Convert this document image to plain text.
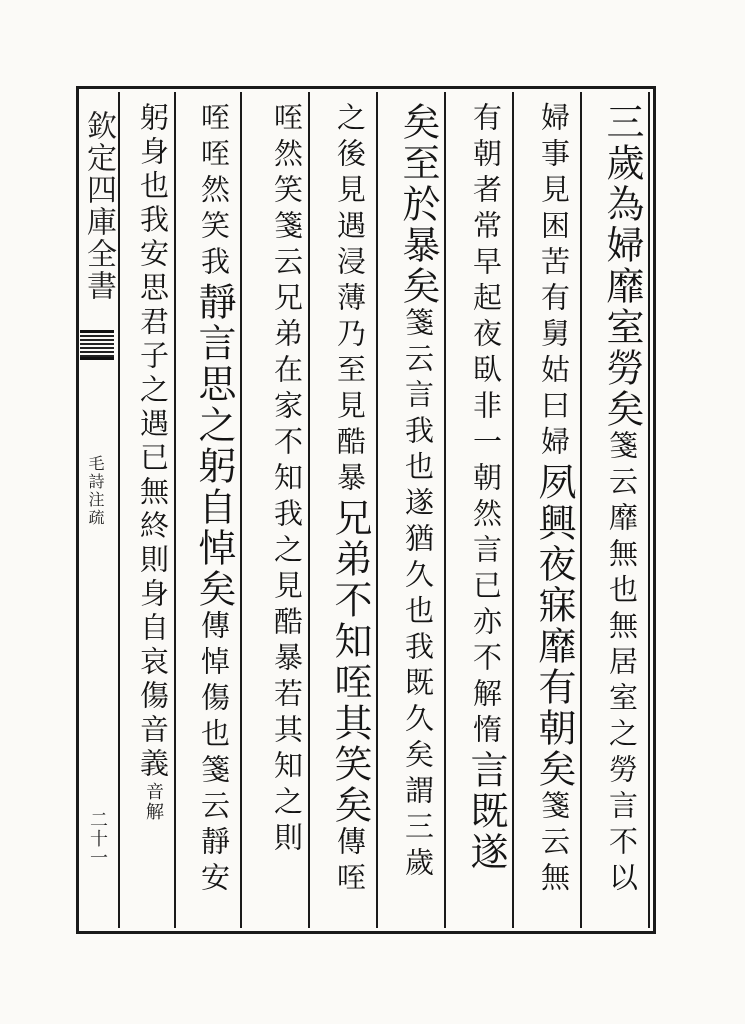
欽定四庫全書
毛詩注疏
二十一
三歲為婦靡室勞矣箋云靡無也無居室之勞言不以
婦事見困苦有舅姑曰婦夙興夜寐靡有朝矣箋云無
有朝者常早起夜臥非一朝然言已亦不解惰言既遂
矣至於暴矣箋云言我也遂猶久也我既久矣謂三歲
之後見遇浸薄乃至見酷暴兄弟不知咥其笑矣傳咥
咥然笑箋云兄弟在家不知我之見酷暴若其知之則
咥咥然笑我靜言思之躬自悼矣傳悼傷也箋云靜安
躬身也我安思君子之遇已無終則身自哀傷音義
解
音
